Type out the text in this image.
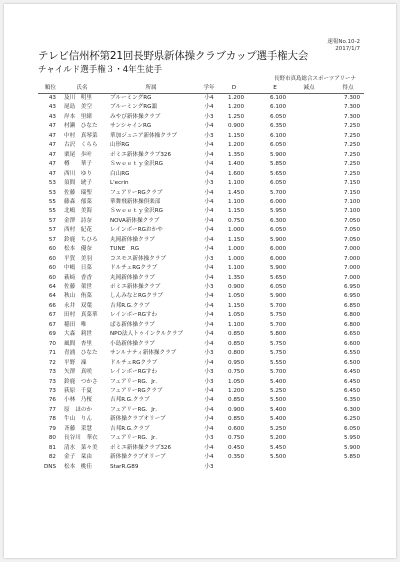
速報No.10-2
2017/1/7
テレビ信州杯第21回長野県新体操クラブカップ選手権大会
チャイルド選手権３・4年生徒手
長野市真島総合スポーツアリーナ
順位	氏名	所属	学年	D	E	減点	得点
43 及川　明里	ブルーミングRG	小4	1.200	6.100	7.300
43 尾島　美空	ブルーミングRG諏	小4	1.200	6.100	7.300
43 岸本　里緒	みやび新体操クラブ	小3	1.250	6.050	7.300
47 村瀬　ひなた	サンシャインRG	小4	0.900	6.350	7.250
47 中村　真琴菜	華加ジュニア新体操クラブ	小3	1.150	6.100	7.250
47 古沢　くらら	山形RG	小4	1.200	6.050	7.250
47 栗尾　歩叶	ポミエ新体操クラブ326	小4	1.350	5.900	7.250
47 樽　　華子	Ｓｗｅｅｔｙ金沢RG	小4	1.400	5.850	7.250
47 西川　ゆり	白山RG	小4	1.600	5.650	7.250
53 須間　琥子	L'ecrin	小3	1.100	6.050	7.150
53 佐藤　瑞聖	フェアリーRGクラブ	小4	1.450	5.700	7.150
55 藤森　郁菜	華舞飛新体操倶楽部	小4	1.100	6.000	7.100
55 北嶋　美海	Ｓｗｅｅｔｙ金沢RG	小4	1.150	5.950	7.100
57 金澤　詩奈	NOVA新体操クラブ	小4	0.750	6.300	7.050
57 西村　紀花	レインボーRGおかや	小4	1.000	6.050	7.050
57 鈴鹿　ちひろ	丸岡新体操クラブ	小4	1.150	5.900	7.050
60 松本　優奈	TUNE　RG	小4	1.000	6.000	7.000
60 平賀　美羽	コスモス新体操クラブ	小3	1.000	6.000	7.000
60 中嶋　日菜	ドルチェRGクラブ	小4	1.100	5.900	7.000
60 萩﨑　香香	丸岡新体操クラブ	小4	1.350	5.650	7.000
64 佐藤　架世	ポミエ新体操クラブ	小3	0.900	6.050	6.950
64 秋山　侑菜	しんみなとRGクラブ	小4	1.050	5.900	6.950
66 永井　双葉	吉邦R.G.クラブ	小4	1.150	5.700	6.850
67 田村　真菜華	レインボーRGすわ	小4	1.050	5.750	6.800
67 稲田　唯	ぱる新体操クラブ	小4	1.100	5.700	6.800
69 大森　莉世	NPO法人トゥインクルクラブ	小4	0.850	5.800	6.650
70 風間　杏里	小島新体操クラブ	小4	0.850	5.750	6.600
71 青浦　ひなた	サンルナティ新体操クラブ	小3	0.800	5.750	6.550
72 平野　凜	ドルチェRGクラブ	小4	0.950	5.550	6.500
73 矢澤　真咲	レインボーRGすわ	小3	0.750	5.700	6.450
73 鈴鹿　つかさ	フェアリーRG．Jr．	小3	1.050	5.400	6.450
73 荻原　千夏	フェアリーRGクラブ	小4	1.200	5.250	6.450
76 小林　乃桜	吉邦R.G.クラブ	小4	0.850	5.500	6.350
77 原　ほのか	フェアリーRG．Jr．	小4	0.900	5.400	6.300
78 牛山　りん	新体操クラブオリーブ	小4	0.850	5.400	6.250
79 斉藤　采慧	吉邦R.G.クラブ	小4	0.600	5.250	6.050
80 長谷川　華衣	フェアリーRG．Jr．	小3	0.750	5.200	5.950
81 清水　菜々美	ポミエ新体操クラブ326	小4	0.450	5.450	5.900
82 金子　栞由	新体操クラブオリーブ	小4	0.350	5.500	5.850
DNS 松本　桃佳	StarR.G89	小3
